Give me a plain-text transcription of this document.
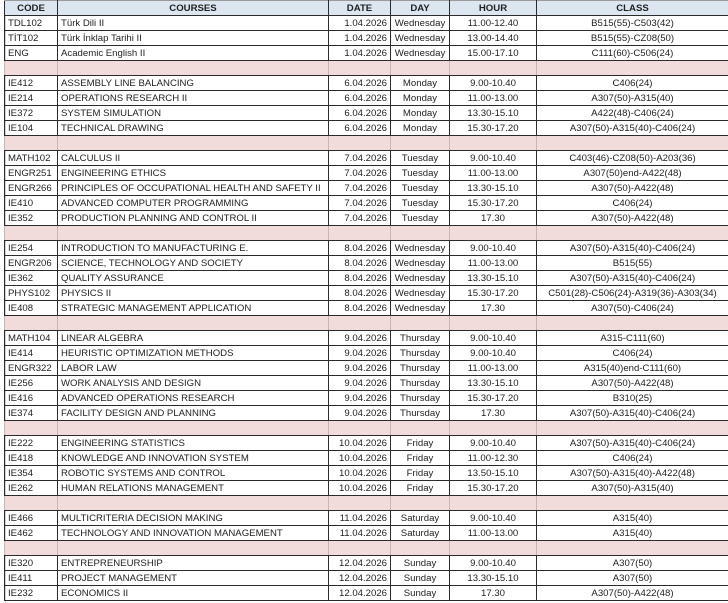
CODE	COURSES	DATE	DAY	HOUR	CLASS
TDL102	Türk Dili II	1.04.2026	Wednesday	11.00-12.40	B515(55)-C503(42)
TİT102	Türk İnklap Tarihi II	1.04.2026	Wednesday	13.00-14.40	B515(55)-CZ08(50)
ENG	Academic English II	1.04.2026	Wednesday	15.00-17.10	C111(60)-C506(24)

IE412	ASSEMBLY LINE BALANCING	6.04.2026	Monday	9.00-10.40	C406(24)
IE214	OPERATIONS RESEARCH II	6.04.2026	Monday	11.00-13.00	A307(50)-A315(40)
IE372	SYSTEM SIMULATION	6.04.2026	Monday	13.30-15.10	A422(48)-C406(24)
IE104	TECHNICAL DRAWING	6.04.2026	Monday	15.30-17.20	A307(50)-A315(40)-C406(24)

MATH102	CALCULUS II	7.04.2026	Tuesday	9.00-10.40	C403(46)-CZ08(50)-A203(36)
ENGR251	ENGINEERING ETHICS	7.04.2026	Tuesday	11.00-13.00	A307(50)end-A422(48)
ENGR266	PRINCIPLES OF OCCUPATIONAL HEALTH AND SAFETY II	7.04.2026	Tuesday	13.30-15.10	A307(50)-A422(48)
IE410	ADVANCED COMPUTER PROGRAMMING	7.04.2026	Tuesday	15.30-17.20	C406(24)
IE352	PRODUCTION PLANNING AND CONTROL II	7.04.2026	Tuesday	17.30	A307(50)-A422(48)

IE254	INTRODUCTION TO MANUFACTURING E.	8.04.2026	Wednesday	9.00-10.40	A307(50)-A315(40)-C406(24)
ENGR206	SCIENCE, TECHNOLOGY AND SOCIETY	8.04.2026	Wednesday	11.00-13.00	B515(55)
IE362	QUALITY ASSURANCE	8.04.2026	Wednesday	13.30-15.10	A307(50)-A315(40)-C406(24)
PHYS102	PHYSICS II	8.04.2026	Wednesday	15.30-17.20	C501(28)-C506(24)-A319(36)-A303(34)
IE408	STRATEGIC MANAGEMENT APPLICATION	8.04.2026	Wednesday	17.30	A307(50)-C406(24)

MATH104	LINEAR ALGEBRA	9.04.2026	Thursday	9.00-10.40	A315-C111(60)
IE414	HEURISTIC OPTIMIZATION METHODS	9.04.2026	Thursday	9.00-10.40	C406(24)
ENGR322	LABOR LAW	9.04.2026	Thursday	11.00-13.00	A315(40)end-C111(60)
IE256	WORK ANALYSIS AND DESIGN	9.04.2026	Thursday	13.30-15.10	A307(50)-A422(48)
IE416	ADVANCED OPERATIONS RESEARCH	9.04.2026	Thursday	15.30-17.20	B310(25)
IE374	FACILITY DESIGN AND PLANNING	9.04.2026	Thursday	17.30	A307(50)-A315(40)-C406(24)

IE222	ENGINEERING STATISTICS	10.04.2026	Friday	9.00-10.40	A307(50)-A315(40)-C406(24)
IE418	KNOWLEDGE AND INNOVATION SYSTEM	10.04.2026	Friday	11.00-12.30	C406(24)
IE354	ROBOTIC SYSTEMS AND CONTROL	10.04.2026	Friday	13.50-15.10	A307(50)-A315(40)-A422(48)
IE262	HUMAN RELATIONS MANAGEMENT	10.04.2026	Friday	15.30-17.20	A307(50)-A315(40)

IE466	MULTICRITERIA DECISION MAKING	11.04.2026	Saturday	9.00-10.40	A315(40)
IE462	TECHNOLOGY AND INNOVATION MANAGEMENT	11.04.2026	Saturday	11.00-13.00	A315(40)

IE320	ENTREPRENEURSHIP	12.04.2026	Sunday	9.00-10.40	A307(50)
IE411	PROJECT MANAGEMENT	12.04.2026	Sunday	13.30-15.10	A307(50)
IE232	ECONOMICS II	12.04.2026	Sunday	17.30	A307(50)-A422(48)
